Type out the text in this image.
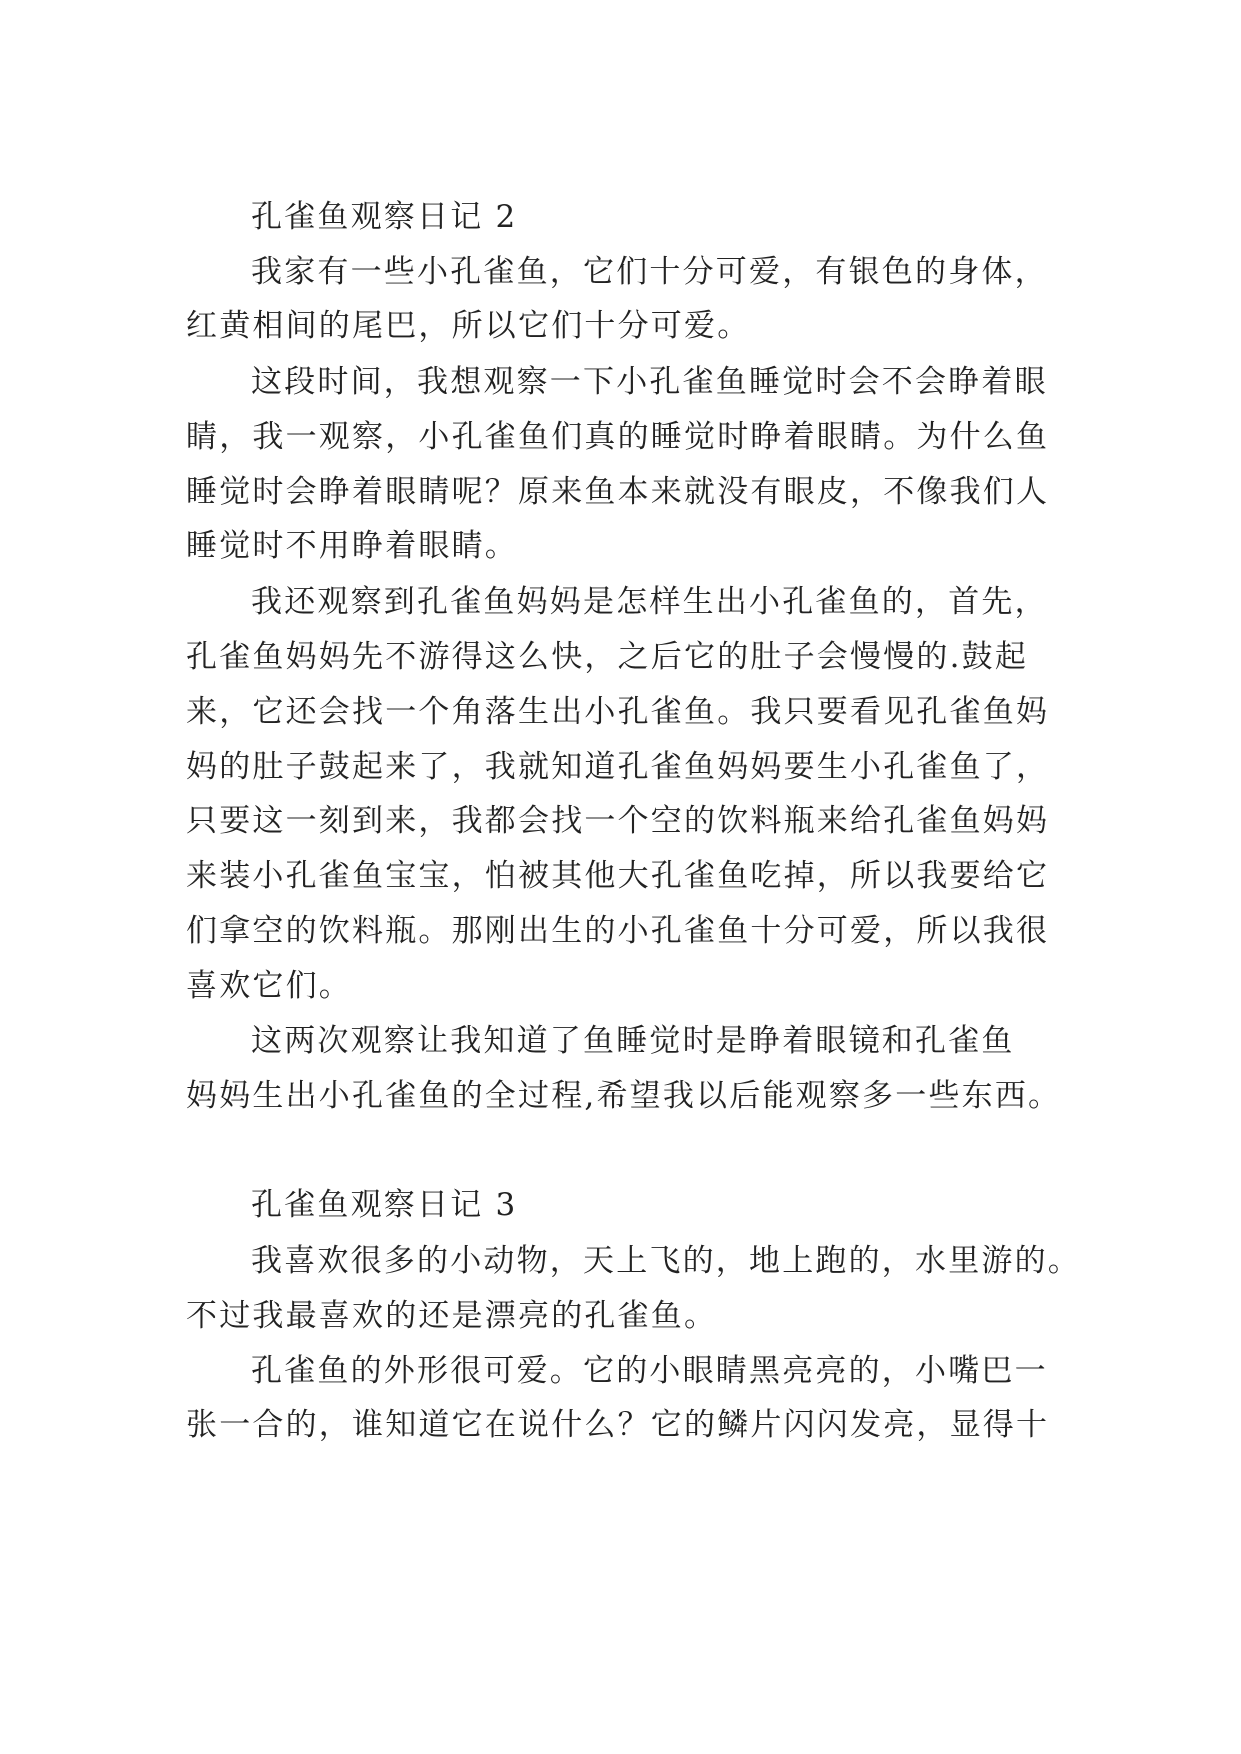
孔雀鱼观察日记 2

我家有一些小孔雀鱼，它们十分可爱，有银色的身体，

红黄相间的尾巴，所以它们十分可爱。

这段时间，我想观察一下小孔雀鱼睡觉时会不会睁着眼

睛，我一观察，小孔雀鱼们真的睡觉时睁着眼睛。为什么鱼

睡觉时会睁着眼睛呢？原来鱼本来就没有眼皮，不像我们人

睡觉时不用睁着眼睛。

我还观察到孔雀鱼妈妈是怎样生出小孔雀鱼的，首先，

孔雀鱼妈妈先不游得这么快，之后它的肚子会慢慢的.鼓起

来，它还会找一个角落生出小孔雀鱼。我只要看见孔雀鱼妈

妈的肚子鼓起来了，我就知道孔雀鱼妈妈要生小孔雀鱼了，

只要这一刻到来，我都会找一个空的饮料瓶来给孔雀鱼妈妈

来装小孔雀鱼宝宝，怕被其他大孔雀鱼吃掉，所以我要给它

们拿空的饮料瓶。那刚出生的小孔雀鱼十分可爱，所以我很

喜欢它们。

这两次观察让我知道了鱼睡觉时是睁着眼镜和孔雀鱼

妈妈生出小孔雀鱼的全过程,希望我以后能观察多一些东西。

孔雀鱼观察日记 3

我喜欢很多的小动物，天上飞的，地上跑的，水里游的。

不过我最喜欢的还是漂亮的孔雀鱼。

孔雀鱼的外形很可爱。它的小眼睛黑亮亮的，小嘴巴一

张一合的，谁知道它在说什么？它的鳞片闪闪发亮，显得十
